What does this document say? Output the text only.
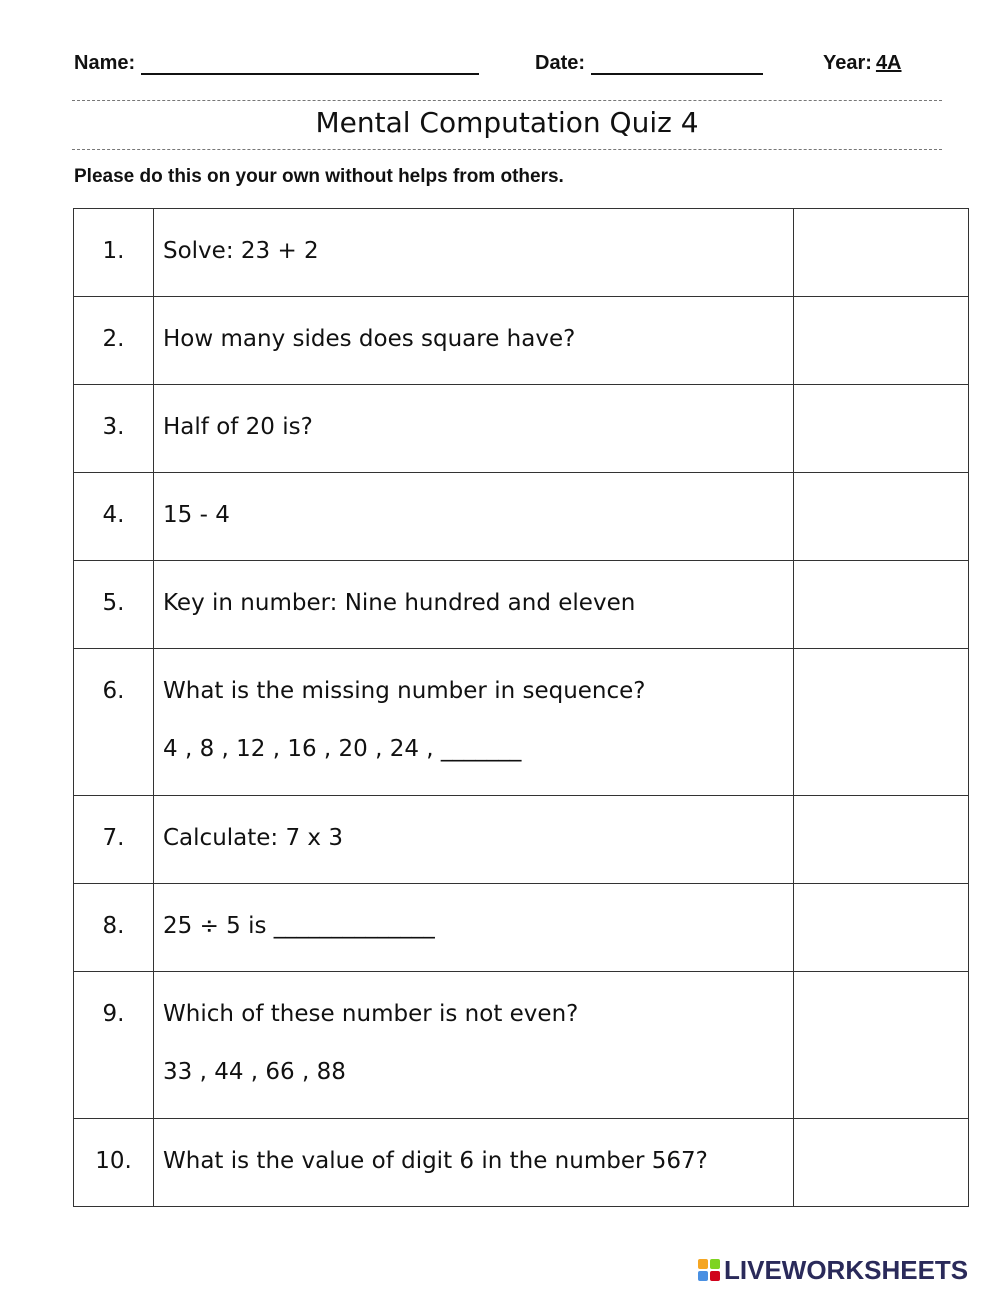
Name:	Date:	Year: 4A
Mental Computation Quiz 4
Please do this on your own without helps from others.
1.	Solve: 23 + 2	

2.	How many sides does square have?	

3.	Half of 20 is?	

4.	15 - 4	

5.	Key in number: Nine hundred and eleven	

6.	What is the missing number in sequence?
4 , 8 , 12 , 16 , 20 , 24 , _______	

7.	Calculate: 7 x 3	

8.	25 ÷ 5 is ______________	

9.	Which of these number is not even?
33 , 44 , 66 , 88	

10.	What is the value of digit 6 in the number 567?	

LIVEWORKSHEETS
